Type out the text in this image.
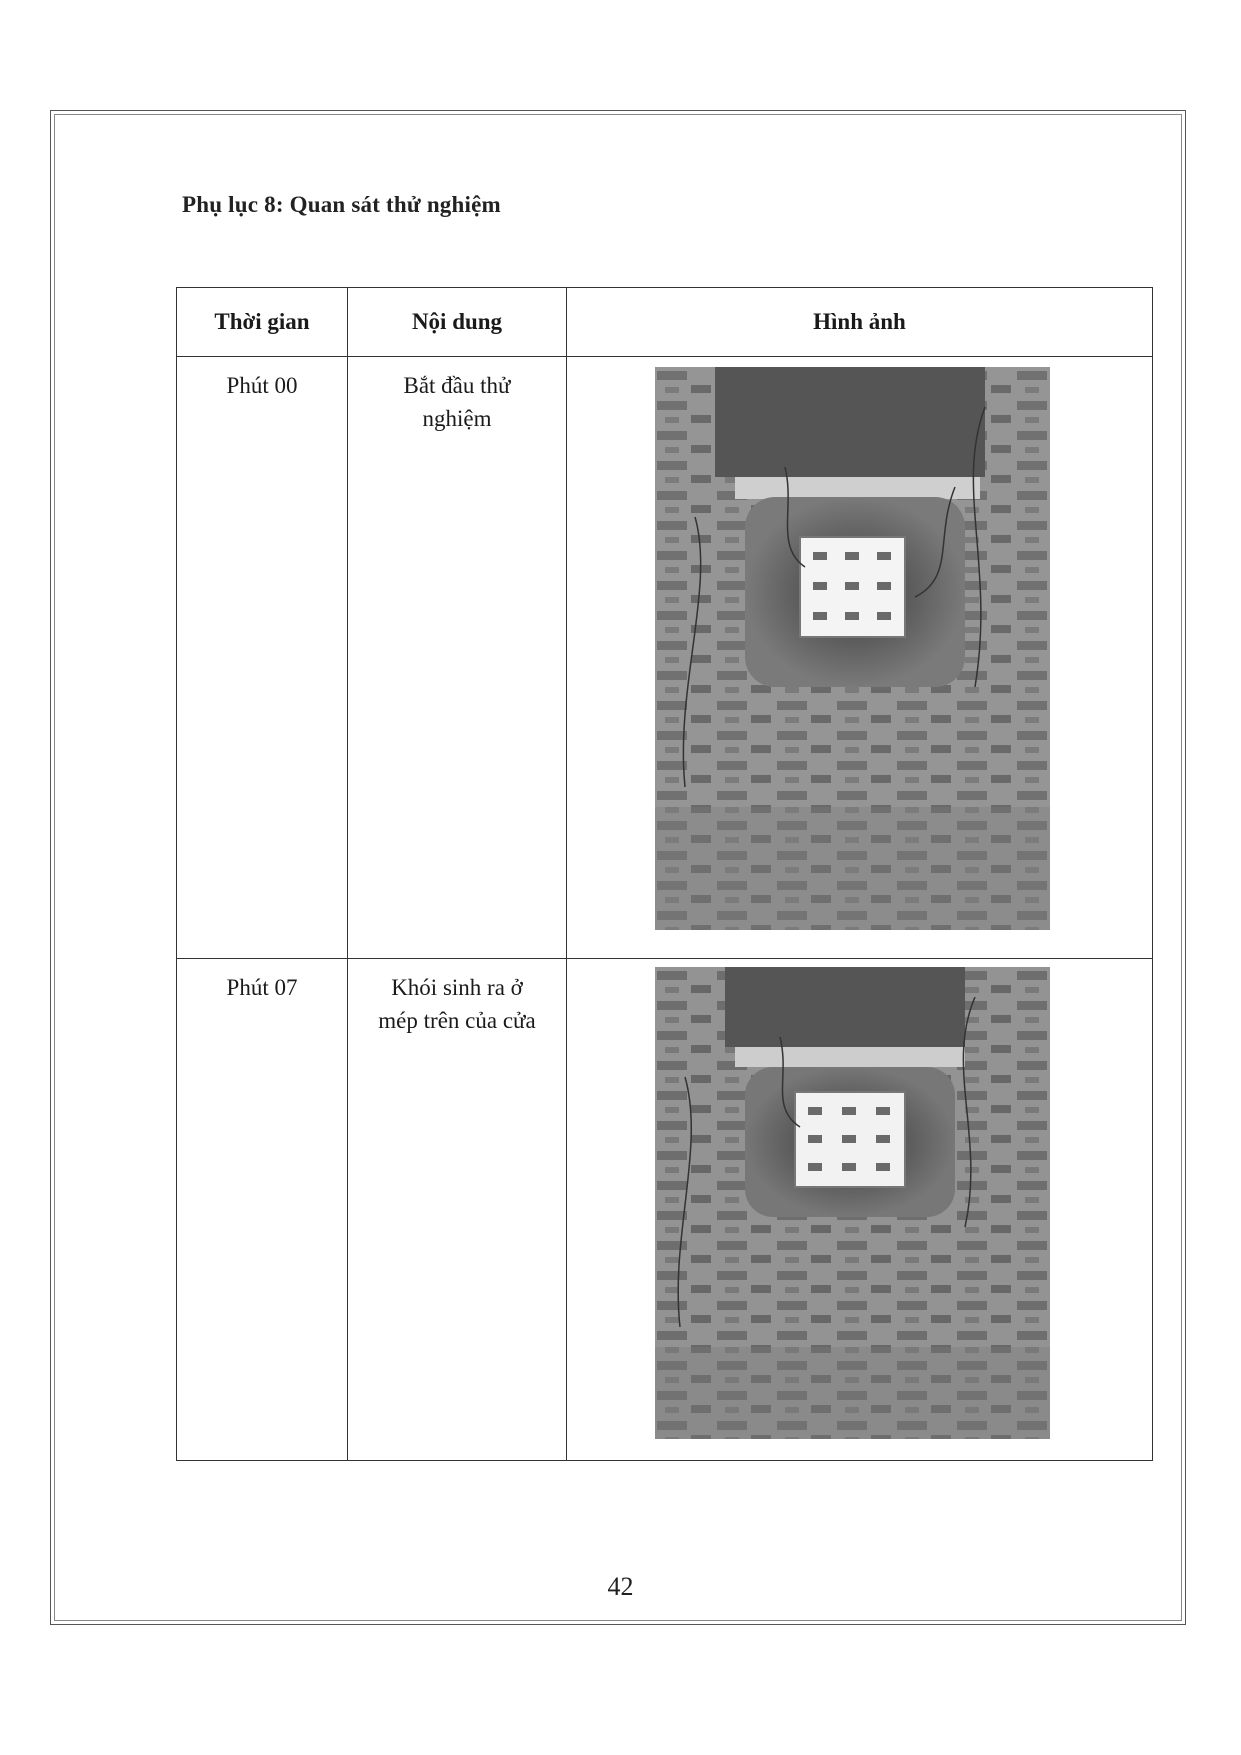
Phụ lục 8: Quan sát thử nghiệm
Thời gian	Nội dung	Hình ảnh
Phút 00	Bắt đầu thử
nghiệm

Phút 07	Khói sinh ra ở
mép trên của cửa

42
